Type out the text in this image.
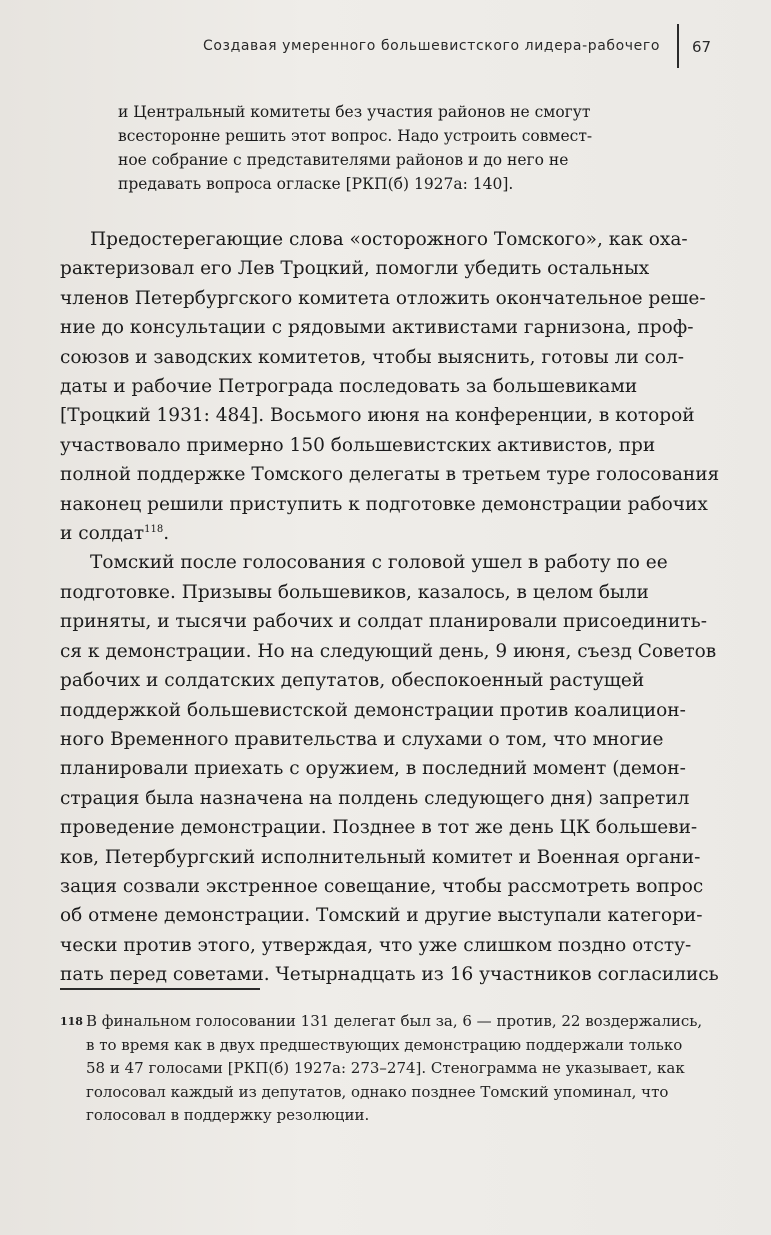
Создавая умеренного большевистского лидера-рабочего 67
и Центральный комитеты без участия районов не смогут
всесторонне решить этот вопрос. Надо устроить совмест-
ное собрание с представителями районов и до него не
предавать вопроса огласке [РКП(б) 1927а: 140].
Предостерегающие слова «осторожного Томского», как оха-
рактеризовал его Лев Троцкий, помогли убедить остальных
членов Петербургского комитета отложить окончательное реше-
ние до консультации с рядовыми активистами гарнизона, проф-
союзов и заводских комитетов, чтобы выяснить, готовы ли сол-
даты и рабочие Петрограда последовать за большевиками
[Троцкий 1931: 484]. Восьмого июня на конференции, в которой
участвовало примерно 150 большевистских активистов, при
полной поддержке Томского делегаты в третьем туре голосования
наконец решили приступить к подготовке демонстрации рабочих
и солдат$^{118}$.
Томский после голосования с головой ушел в работу по ее
подготовке. Призывы большевиков, казалось, в целом были
приняты, и тысячи рабочих и солдат планировали присоединить-
ся к демонстрации. Но на следующий день, 9 июня, съезд Советов
рабочих и солдатских депутатов, обеспокоенный растущей
поддержкой большевистской демонстрации против коалицион-
ного Временного правительства и слухами о том, что многие
планировали приехать с оружием, в последний момент (демон-
страция была назначена на полдень следующего дня) запретил
проведение демонстрации. Позднее в тот же день ЦК большеви-
ков, Петербургский исполнительный комитет и Военная органи-
зация созвали экстренное совещание, чтобы рассмотреть вопрос
об отмене демонстрации. Томский и другие выступали категори-
чески против этого, утверждая, что уже слишком поздно отсту-
пать перед советами. Четырнадцать из 16 участников согласились
118 В финальном голосовании 131 делегат был за, 6 — против, 22 воздержались,
в то время как в двух предшествующих демонстрацию поддержали только
58 и 47 голосами [РКП(б) 1927а: 273–274]. Стенограмма не указывает, как
голосовал каждый из депутатов, однако позднее Томский упоминал, что
голосовал в поддержку резолюции.
